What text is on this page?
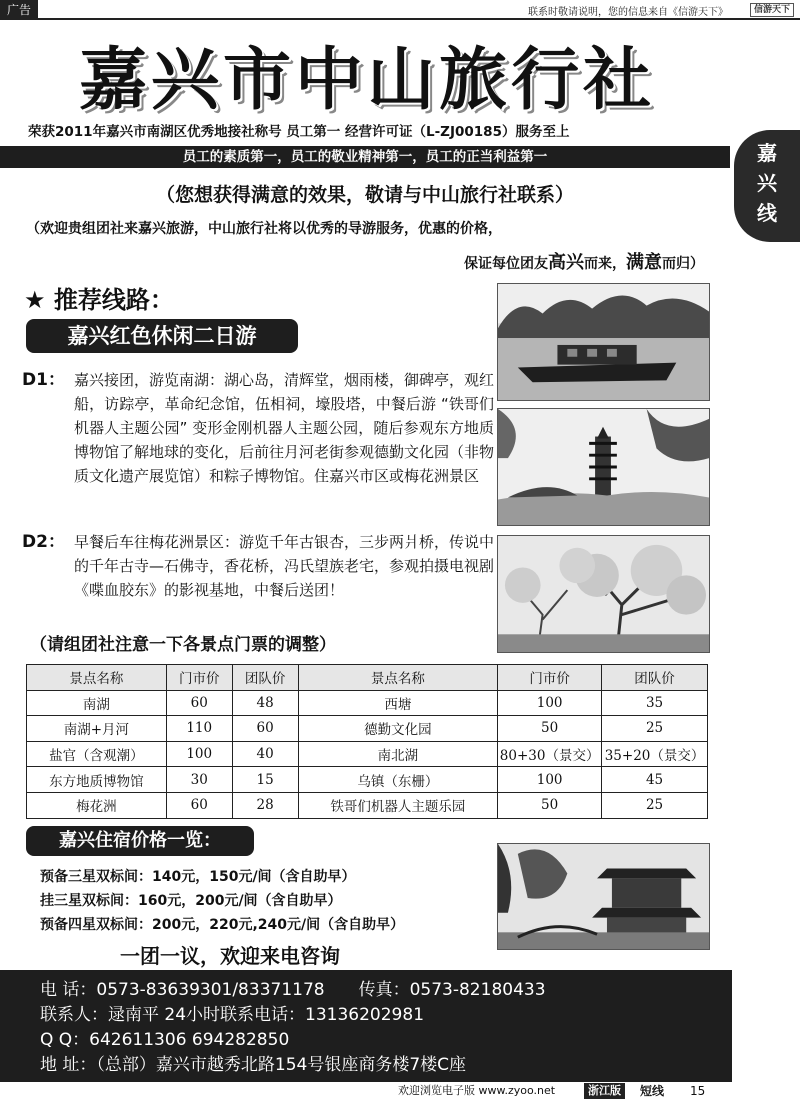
广告	联系时敬请说明，您的信息来自《信游天下》	信游天下
嘉
兴
线
嘉兴市中山旅行社
荣获2011年嘉兴市南湖区优秀地接社称号 员工第一 经营许可证（L-ZJ00185）服务至上
员工的素质第一，员工的敬业精神第一，员工的正当利益第一
（您想获得满意的效果，敬请与中山旅行社联系）
（欢迎贵组团社来嘉兴旅游，中山旅行社将以优秀的导游服务，优惠的价格，
保证每位团友高兴而来，满意而归）
★ 推荐线路：
嘉兴红色休闲二日游
D1： 嘉兴接团，游览南湖：湖心岛，清辉堂，烟雨楼，御碑亭，观红船，访踪亭，革命纪念馆，伍相祠，壕股塔，中餐后游 “铁哥们机器人主题公园” 变形金刚机器人主题公园，随后参观东方地质博物馆了解地球的变化，后前往月河老街参观德勤文化园（非物质文化遗产展览馆）和粽子博物馆。住嘉兴市区或梅花洲景区
D2： 早餐后车往梅花洲景区：游览千年古银杏，三步两爿桥，传说中的千年古寺—石佛寺，香花桥，冯氏望族老宅，参观拍摄电视剧《喋血胶东》的影视基地，中餐后送团！
（请组团社注意一下各景点门票的调整）
景点名称	门市价	团队价	景点名称	门市价	团队价
南湖	60	48	西塘	100	35
南湖+月河	110	60	德勤文化园	50	25
盐官（含观潮）	100	40	南北湖	80+30（景交）	35+20（景交）
东方地质博物馆	30	15	乌镇（东栅）	100	45
梅花洲	60	28	铁哥们机器人主题乐园	50	25
嘉兴住宿价格一览：
预备三星双标间：140元，150元/间（含自助早）
挂三星双标间：160元，200元/间（含自助早）
预备四星双标间：200元，220元,240元/间（含自助早）
一团一议，欢迎来电咨询
电 话：0573-83639301/83371178 传真：0573-82180433
联系人：逯南平 24小时联系电话：13136202981
Q Q：642611306 694282850
地 址：（总部）嘉兴市越秀北路154号银座商务楼7楼C座
欢迎浏览电子版 www.zyoo.net	浙江版	短线 15
